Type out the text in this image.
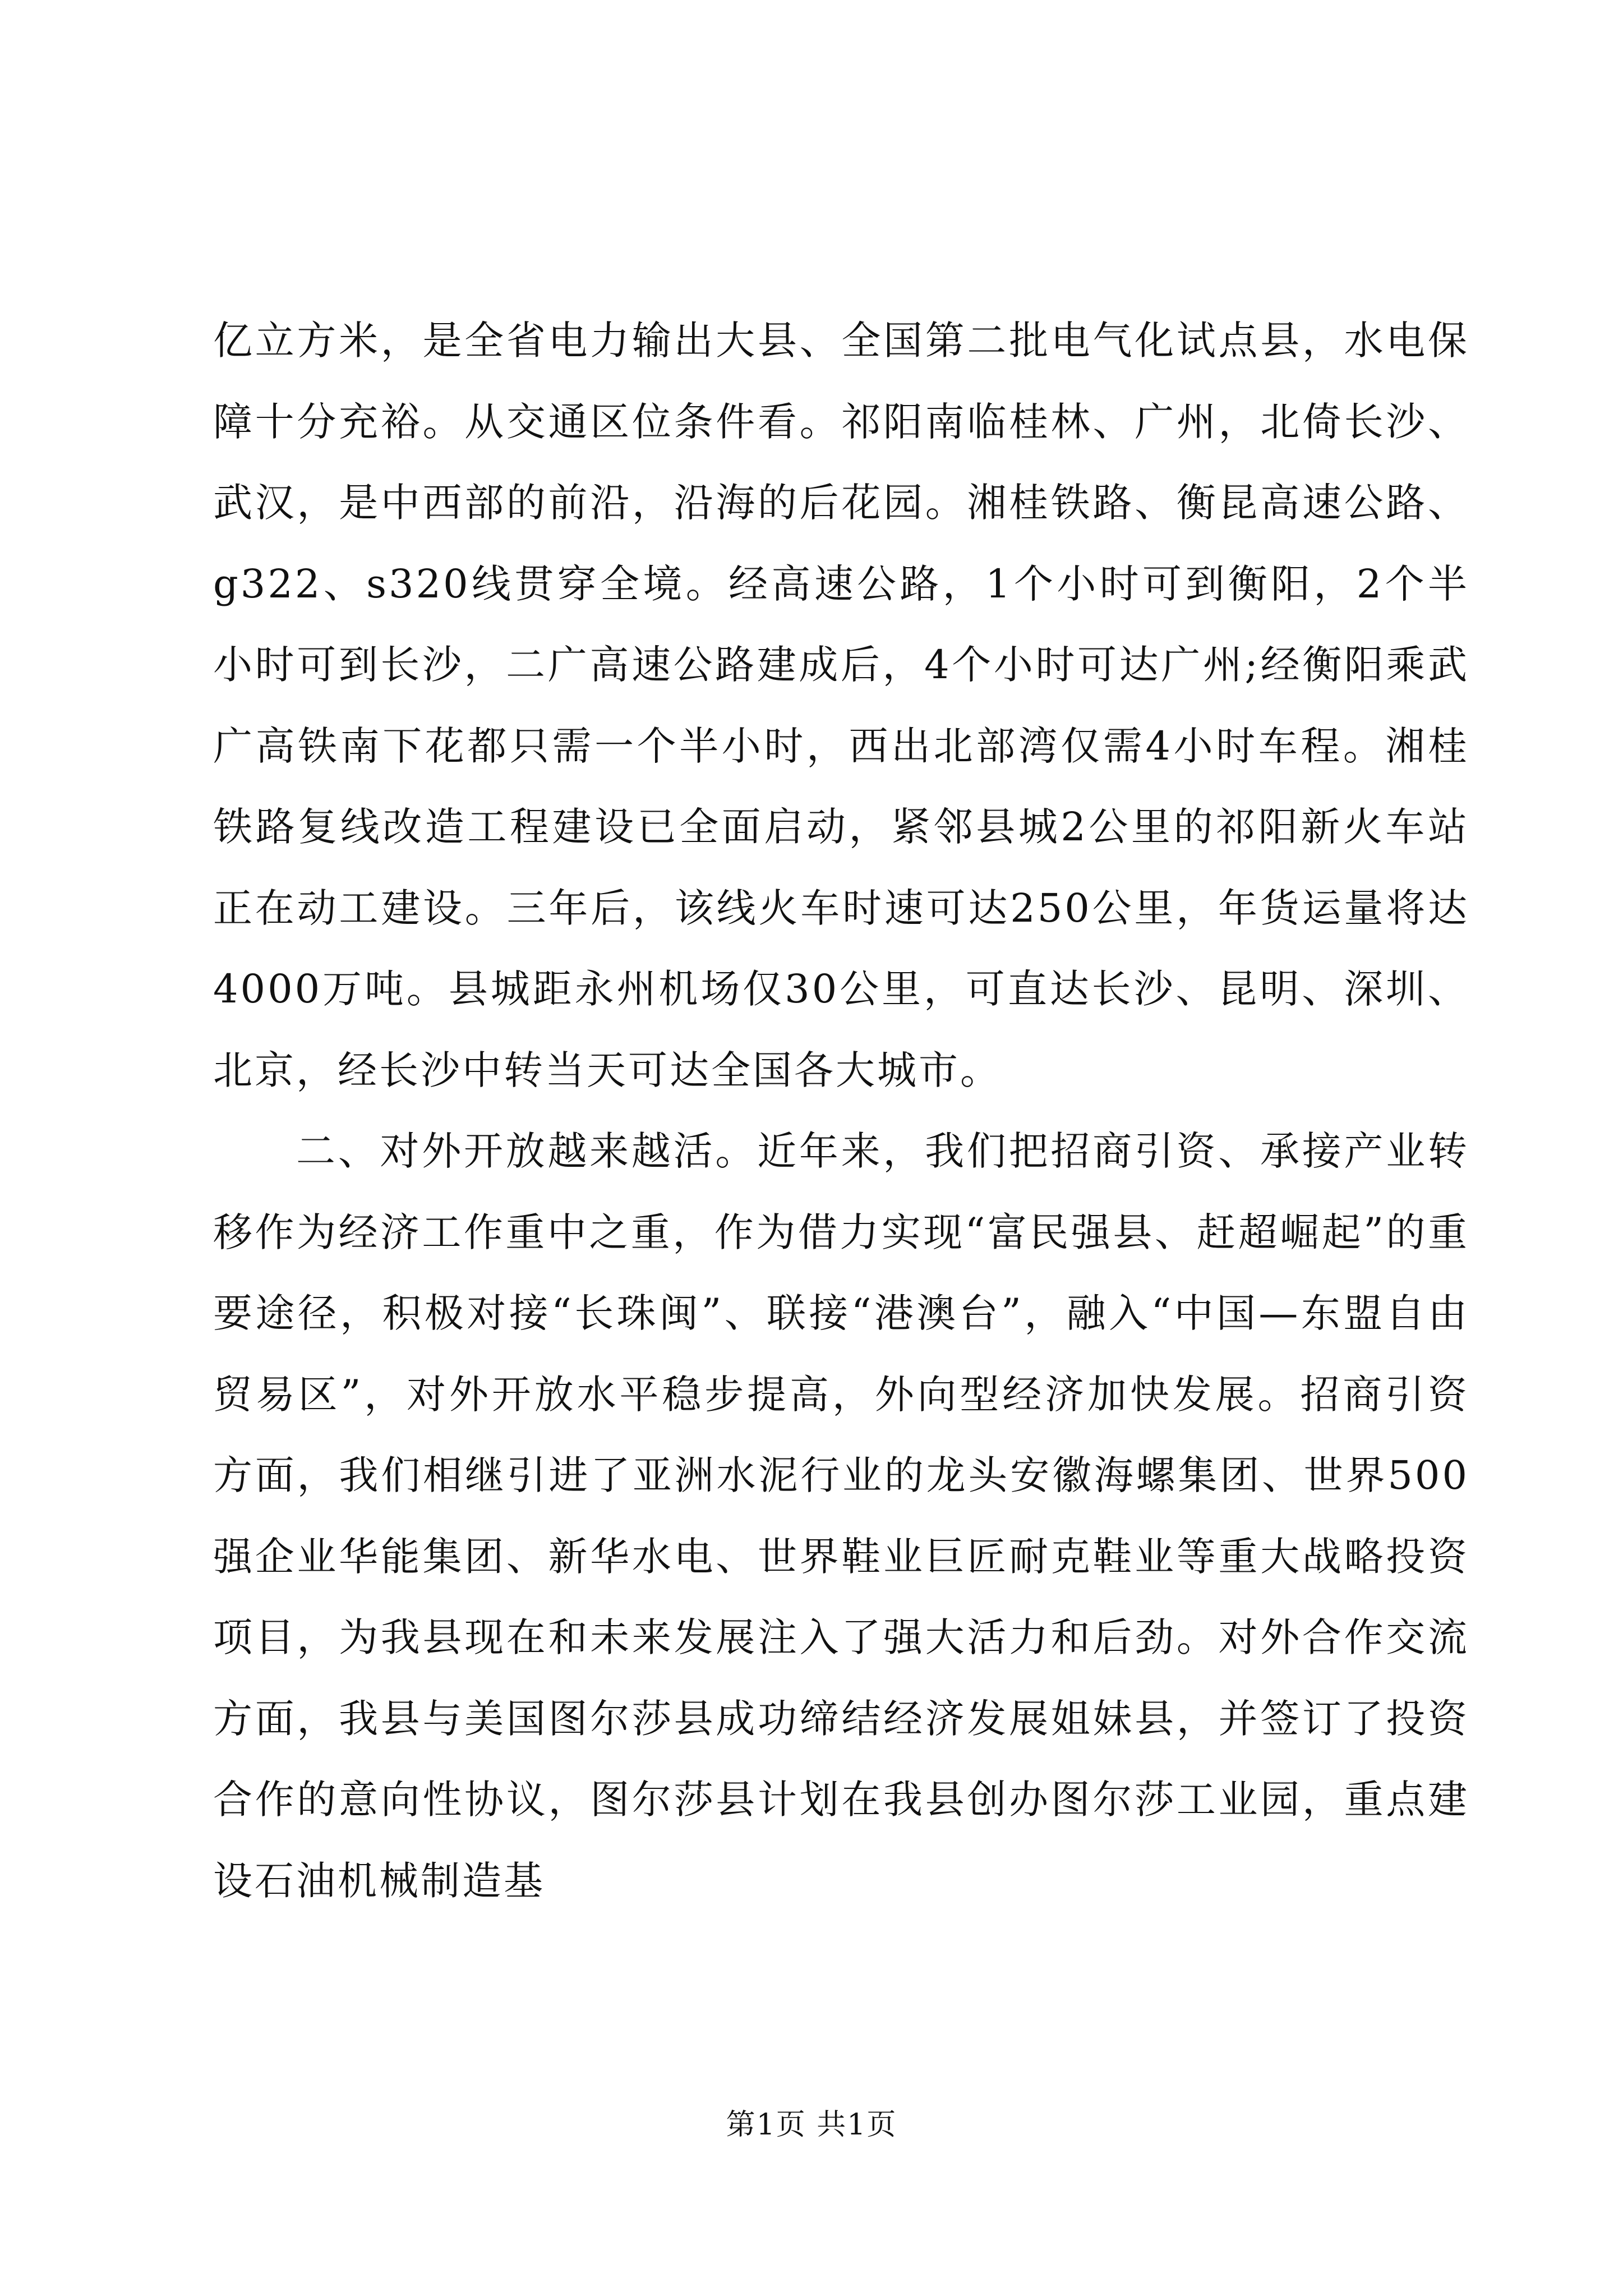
亿立方米，是全省电力输出大县、全国第二批电气化试点县，水电保障十分充裕。从交通区位条件看。祁阳南临桂林、广州，北倚长沙、武汉，是中西部的前沿，沿海的后花园。湘桂铁路、衡昆高速公路、g322、s320线贯穿全境。经高速公路，1个小时可到衡阳，2个半小时可到长沙，二广高速公路建成后，4个小时可达广州;经衡阳乘武广高铁南下花都只需一个半小时，西出北部湾仅需4小时车程。湘桂铁路复线改造工程建设已全面启动，紧邻县城2公里的祁阳新火车站正在动工建设。三年后，该线火车时速可达250公里，年货运量将达4000万吨。县城距永州机场仅30公里，可直达长沙、昆明、深圳、北京，经长沙中转当天可达全国各大城市。

二、对外开放越来越活。近年来，我们把招商引资、承接产业转移作为经济工作重中之重，作为借力实现“富民强县、赶超崛起”的重要途径，积极对接“长珠闽”、联接“港澳台”，融入“中国—东盟自由贸易区”，对外开放水平稳步提高，外向型经济加快发展。招商引资方面，我们相继引进了亚洲水泥行业的龙头安徽海螺集团、世界500强企业华能集团、新华水电、世界鞋业巨匠耐克鞋业等重大战略投资项目，为我县现在和未来发展注入了强大活力和后劲。对外合作交流方面，我县与美国图尔莎县成功缔结经济发展姐妹县，并签订了投资合作的意向性协议，图尔莎县计划在我县创办图尔莎工业园，重点建设石油机械制造基

第1页 共1页
